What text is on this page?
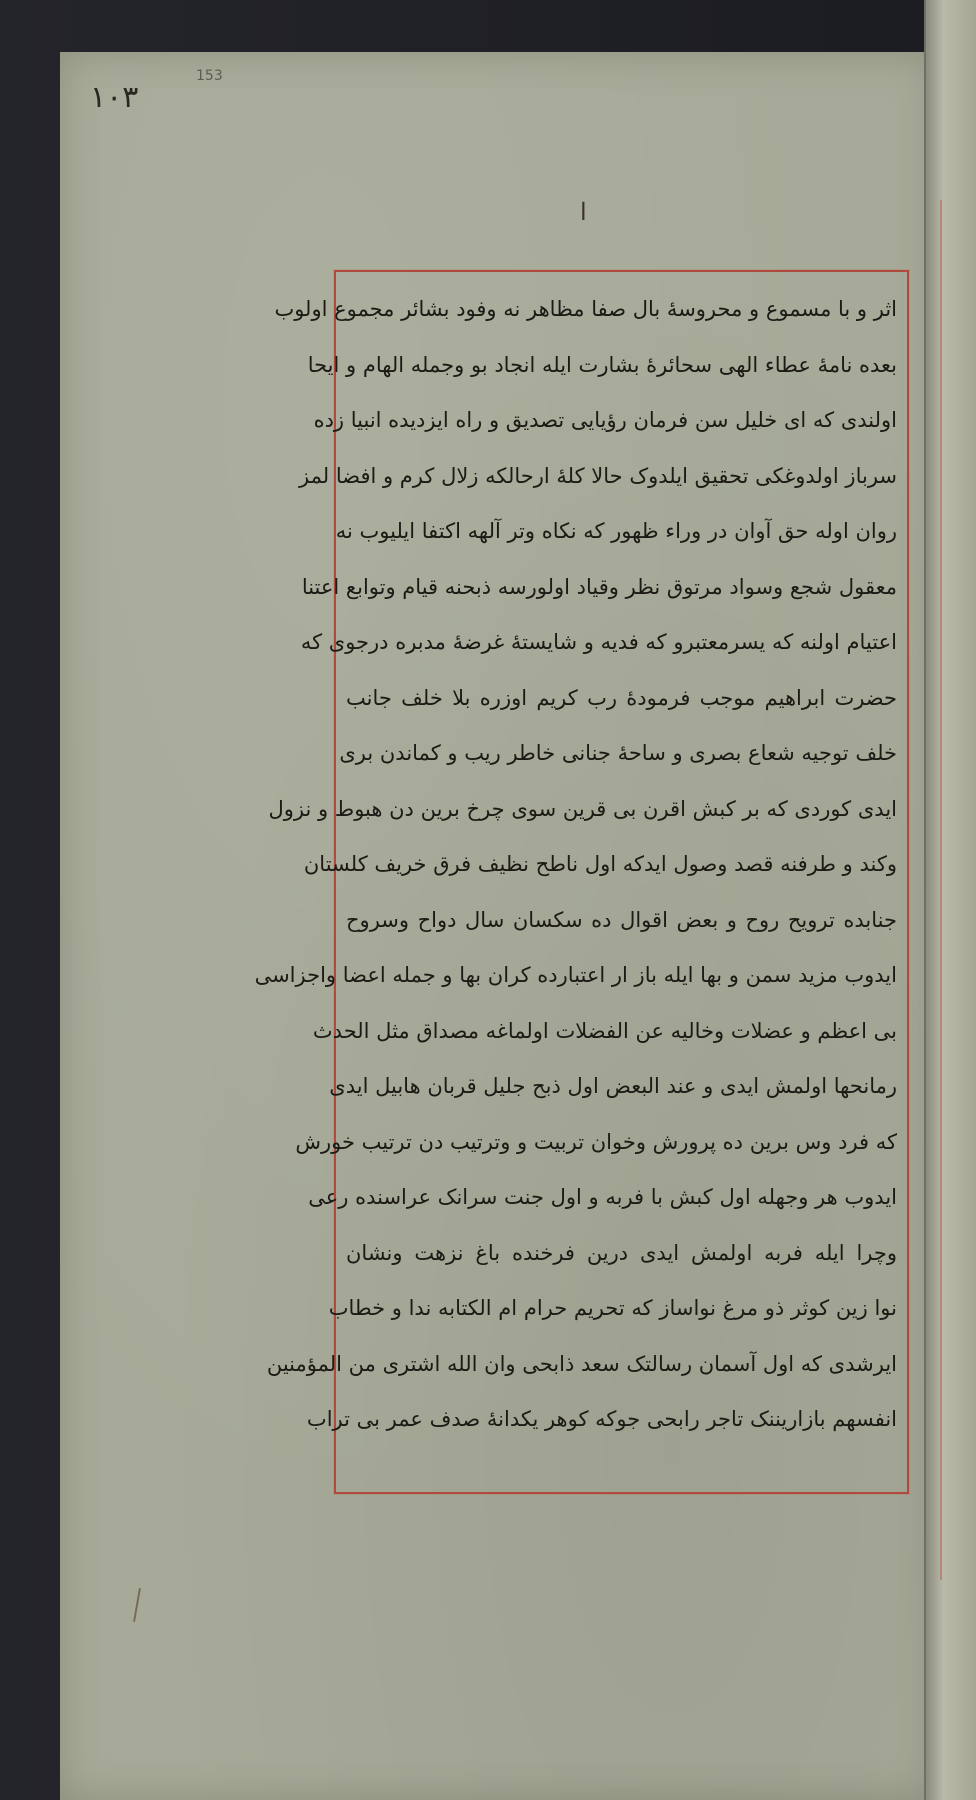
١٠٣
153
ا
اثر و با مسموع و محروسهٔ بال صفا مظاهر نه وفود بشائر مجموع اولوب
بعده نامهٔ عطاء الهی سحائرهٔ بشارت ایله انجاد بو وجمله الهام و ایحا
اولندی که ای خلیل سن فرمان رؤیایی تصدیق و راه ایزدیده انبیا زده
سرباز اولدوغکی تحقیق ایلدوک حالا کلهٔ ارحالکه زلال کرم و افضا لمز
روان اوله حق آوان در وراء ظهور که نکاه وتر آلهه اکتفا ایلیوب نه
معقول شجع وسواد مرتوق نظر وقیاد اولورسه ذبحنه قیام وتوابع اعتنا
اعتیام اولنه که یسرمعتبرو که فدیه و شایستهٔ غرضهٔ مدبره درجوی که
حضرت ابراهیم موجب فرمودهٔ رب کریم اوزره بلا خلف جانب
خلف توجیه شعاع بصری و ساحهٔ جنانی خاطر ریب و کماندن بری
ایدی کوردی که بر کبش اقرن بی قرین سوی چرخ برین دن هبوط و نزول
وکند و طرفنه قصد وصول ایدکه اول ناطح نظیف فرق خریف کلستان
جنابده ترویح روح و بعض اقوال ده سکسان سال دواح وسروح
ایدوب مزید سمن و بها ایله باز ار اعتبارده کران بها و جمله اعضا واجزاسی
بی اعظم و عضلات وخالیه عن الفضلات اولماغه مصداق مثل الحدث
رمانحها اولمش ایدی و عند البعض اول ذبح جلیل قربان هابیل ایدی
که فرد وس برین ده پرورش وخوان تربیت و وترتیب دن ترتیب خورش
ایدوب هر وجهله اول کبش با فربه و اول جنت سرانک عراسنده رعی
وچرا ایله فربه اولمش ایدی درین فرخنده باغ نزهت ونشان
نوا زین کوثر ذو مرغ نواساز که تحریم حرام ام الکتابه ندا و خطاب
ایرشدی که اول آسمان رسالتک سعد ذابحی وان الله اشتری من المؤمنین
انفسهم بازاریننک تاجر رابحی جوکه کوهر یکدانهٔ صدف عمر بی تراب
